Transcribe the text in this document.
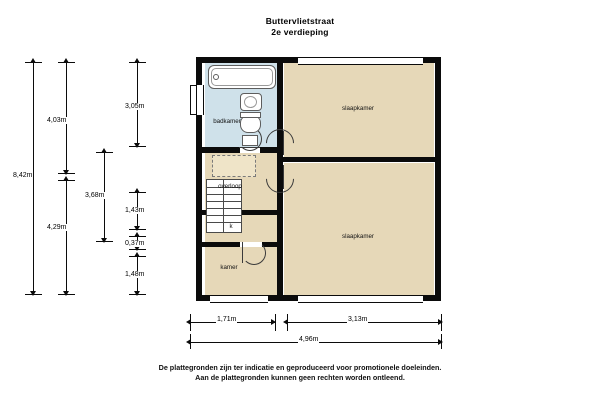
Buttervlietstraat
2e verdieping
badkamer
overloop
k
kamer
slaapkamer
slaapkamer
8,42m
4,03m
4,29m
3,05m
3,68m
1,43m
0,37m
1,48m
1,71m	3,13m
4,96m
De plattegronden zijn ter indicatie en geproduceerd voor promotionele doeleinden.
Aan de plattegronden kunnen geen rechten worden ontleend.
